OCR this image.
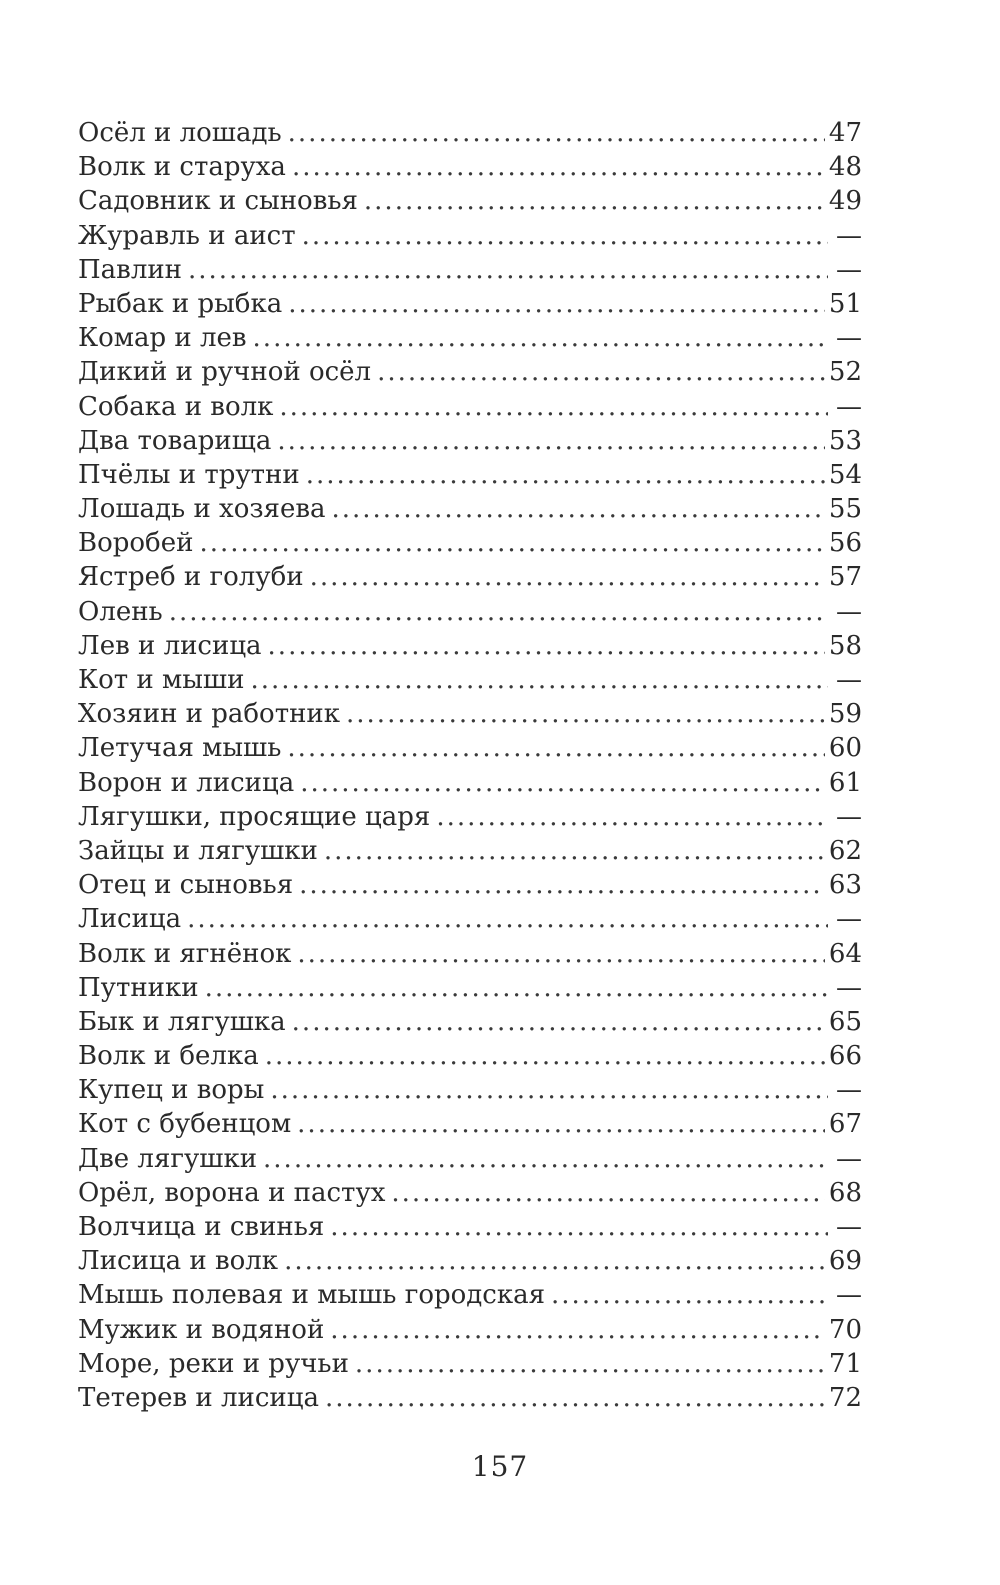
Осёл и лошадь .....	47
Волк и старуха .....	48
Садовник и сыновья .....	49
Журавль и аист .....	—
Павлин .....	—
Рыбак и рыбка .....	51
Комар и лев .....	—
Дикий и ручной осёл .....	52
Собака и волк .....	—
Два товарища .....	53
Пчёлы и трутни .....	54
Лошадь и хозяева .....	55
Воробей .....	56
Ястреб и голуби .....	57
Олень .....	—
Лев и лисица .....	58
Кот и мыши .....	—
Хозяин и работник .....	59
Летучая мышь .....	60
Ворон и лисица .....	61
Лягушки, просящие царя .....	—
Зайцы и лягушки .....	62
Отец и сыновья .....	63
Лисица .....	—
Волк и ягнёнок .....	64
Путники .....	—
Бык и лягушка .....	65
Волк и белка .....	66
Купец и воры .....	—
Кот с бубенцом .....	67
Две лягушки .....	—
Орёл, ворона и пастух .....	68
Волчица и свинья .....	—
Лисица и волк .....	69
Мышь полевая и мышь городская .....	—
Мужик и водяной .....	70
Море, реки и ручьи .....	71
Тетерев и лисица .....	72
157
